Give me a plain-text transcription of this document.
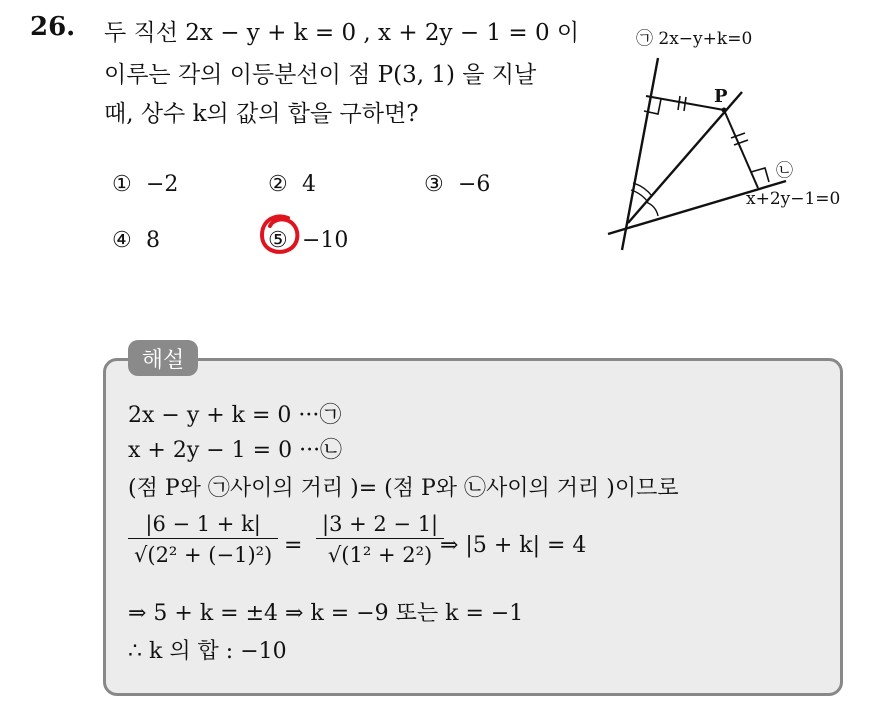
26. 두 직선 2x − y + k = 0 , x + 2y − 1 = 0 이
이루는 각의 이등분선이 점 P(3, 1) 을 지날
때, 상수 k의 값의 합을 구하면?
① −2	② 4	③ −6
④ 8	⑤ −10
㉠ 2x−y+k=0
P
㉡
x+2y−1=0
해설
2x − y + k = 0 ···㉠
x + 2y − 1 = 0 ···㉡
(점 P와 ㉠사이의 거리 )= (점 P와 ㉡사이의 거리 )이므로
$\frac{|6 - 1 + k|}{\text{√(2² + (−1)²)}} = \frac{|3 + 2 - 1|}{\text{√(1² + 2²)}}$
⇒ |5 + k| = 4
⇒ 5 + k = ±4 ⇒ k = −9 또는 k = −1
∴ k 의 합 : −10
